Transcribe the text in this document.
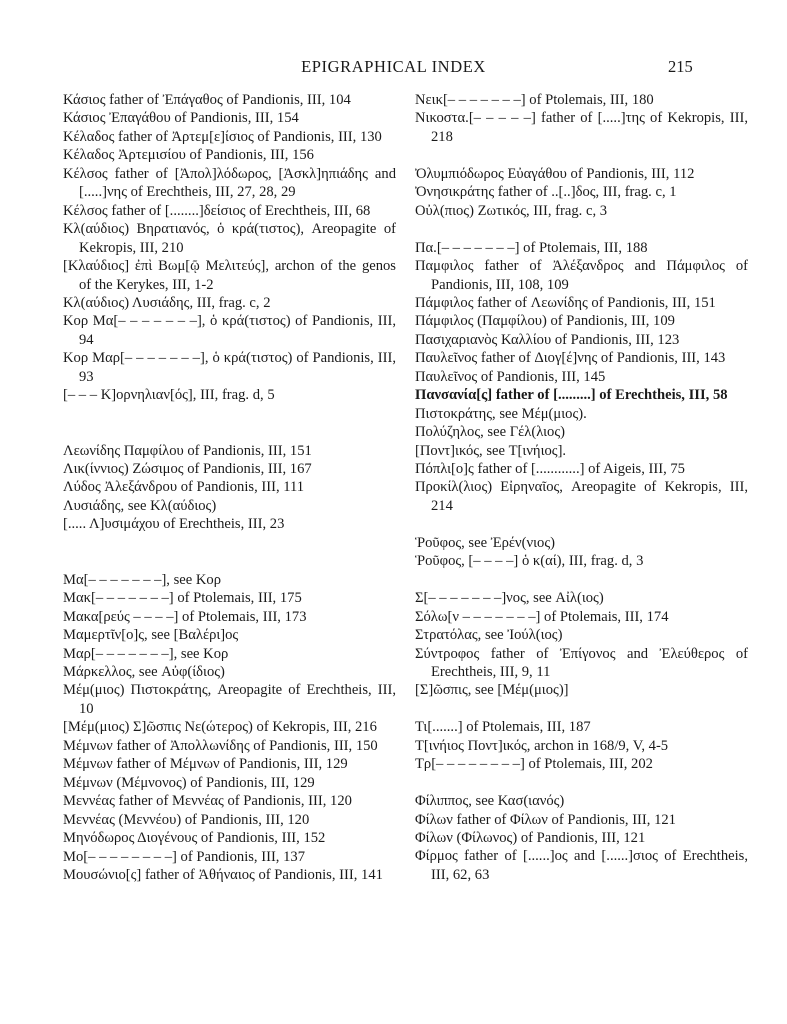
EPIGRAPHICAL INDEX	215

Κάσιος father of Ἐπάγαθος of Pandionis, III, 104

Κάσιος Ἐπαγάθου of Pandionis, III, 154

Κέλαδος father of Ἀρτεμ[ε]ίσιος of Pandionis, III, 130

Κέλαδος Ἀρτεμισίου of Pandionis, III, 156

Κέλσος father of [Ἀπολ]λόδωρος, [Ἀσκλ]ηπιάδης and [.....]νης of Erechtheis, III, 27, 28, 29

Κέλσος father of [........]δείσιος of Erechtheis, III, 68

Κλ(αύδιος) Βηρατιανός, ὁ κρά(τιστος), Areopagite of Kekropis, III, 210

[Κλαύδιος] ἐπὶ Βωμ[ῷ Μελιτεύς], archon of the genos of the Kerykes, III, 1-2

Κλ(αύδιος) Λυσιάδης, III, frag. c, 2

Κορ Μα[– – – – – – –], ὁ κρά(τιστος) of Pandionis, III, 94

Κορ Μαρ[– – – – – – –], ὁ κρά(τιστος) of Pandionis, III, 93

[– – – Κ]ορνηλιαν[ός], III, frag. d, 5

Λεωνίδης Παμφίλου of Pandionis, III, 151

Λικ(ίννιος) Ζώσιμος of Pandionis, III, 167

Λύδος Ἀλεξάνδρου of Pandionis, III, 111

Λυσιάδης, see Κλ(αύδιος)

[..... Λ]υσιμάχου of Erechtheis, III, 23

Μα[– – – – – – –], see Κορ

Μακ[– – – – – – –] of Ptolemais, III, 175

Μακα[ρεύς – – – –] of Ptolemais, III, 173

Μαμερτῖν[ο]ς, see [Βαλέρι]ος

Μαρ[– – – – – – –], see Κορ

Μάρκελλος, see Αὐφ(ίδιος)

Μέμ(μιος) Πιστοκράτης, Areopagite of Erechtheis, III, 10

[Μέμ(μιος) Σ]ῶσπις Νε(ώτερος) of Kekropis, III, 216

Μέμνων father of Ἀπολλωνίδης of Pandionis, III, 150

Μέμνων father of Μέμνων of Pandionis, III, 129

Μέμνων (Μέμνονος) of Pandionis, III, 129

Μεννέας father of Μεννέας of Pandionis, III, 120

Μεννέας (Μεννέου) of Pandionis, III, 120

Μηνόδωρος Διογένους of Pandionis, III, 152

Μο[– – – – – – – –] of Pandionis, III, 137

Μουσώνιο[ς] father of Ἀθήναιος of Pandionis, III, 141

Νεικ[– – – – – – –] of Ptolemais, III, 180

Νικοστα.[– – – – –] father of [.....]της of Kekropis, III, 218

Ὀλυμπιόδωρος Εὐαγάθου of Pandionis, III, 112

Ὀνησικράτης father of ..[..]δος, III, frag. c, 1

Οὐλ(πιος) Ζωτικός, III, frag. c, 3

Πα.[– – – – – – –] of Ptolemais, III, 188

Παμφιλος father of Ἀλέξανδρος and Πάμφιλος of Pandionis, III, 108, 109

Πάμφιλος father of Λεωνίδης of Pandionis, III, 151

Πάμφιλος (Παμφίλου) of Pandionis, III, 109

Πασιχαριανὸς Καλλίου of Pandionis, III, 123

Παυλεῖνος father of Διογ[έ]νης of Pandionis, III, 143

Παυλεῖνος of Pandionis, III, 145

Πανσανία[ς] father of [.........] of Erechtheis, III, 58

Πιστοκράτης, see Μέμ(μιος).

Πολύζηλος, see Γέλ(λιος)

[Ποντ]ικός, see Τ[ινήιος].

Πόπλι[ο]ς father of [............] of Aigeis, III, 75

Προκίλ(λιος) Εἰρηναῖος, Areopagite of Kekropis, III, 214

Ῥοῦφος, see Ἐρέν(νιος)

Ῥοῦφος, [– – – –] ὁ κ(αί), III, frag. d, 3

Σ[– – – – – – –]νος, see Αἰλ(ιος)

Σόλω[ν – – – – – – –] of Ptolemais, III, 174

Στρατόλας, see Ἰούλ(ιος)

Σύντροφος father of Ἐπίγονος and Ἐλεύθερος of Erechtheis, III, 9, 11

[Σ]ῶσπις, see [Μέμ(μιος)]

Τι[.......] of Ptolemais, III, 187

Τ[ινήιος Ποντ]ικός, archon in 168/9, V, 4-5

Τρ[– – – – – – – –] of Ptolemais, III, 202

Φίλιππος, see Κασ(ιανός)

Φίλων father of Φίλων of Pandionis, III, 121

Φίλων (Φίλωνος) of Pandionis, III, 121

Φίρμος father of [......]ος and [......]σιος of Erechtheis, III, 62, 63
